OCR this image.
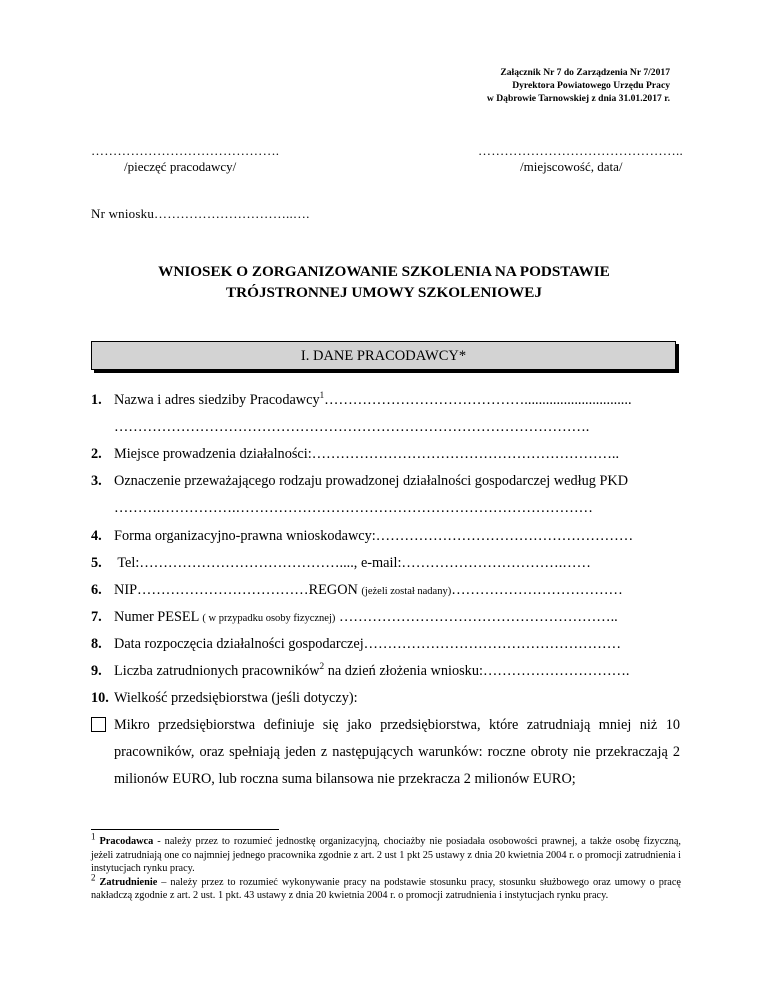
Załącznik Nr 7 do Zarządzenia Nr 7/2017
Dyrektora Powiatowego Urzędu Pracy
w Dąbrowie Tarnowskiej z dnia 31.01.2017 r.
…………………………………….
/pieczęć pracodawcy/
………………………………………..
/miejscowość, data/
Nr wniosku…………………………..….
WNIOSEK O ZORGANIZOWANIE SZKOLENIA NA PODSTAWIE
TRÓJSTRONNEJ UMOWY SZKOLENIOWEJ
I. DANE PRACODAWCY*
1. Nazwa i adres siedziby Pracodawcy$^1$……………………………………..............................
……………………………………………………………………………………….
2. Miejsce prowadzenia działalności:………………………………………………………..
3. Oznaczenie przeważającego rodzaju prowadzonej działalności gospodarczej według PKD
……….…………….…………………………………………………………………
4. Forma organizacyjno-prawna wnioskodawcy:………………………………………………
5. Tel:……………………………………...., e-mail:…………………………….……
6. NIP………………………………REGON (jeżeli został nadany)………………………………
7. Numer PESEL ( w przypadku osoby fizycznej) …………………………………………………..
8. Data rozpoczęcia działalności gospodarczej………………………………………………
9. Liczba zatrudnionych pracowników$^2$ na dzień złożenia wniosku:………………………….
10. Wielkość przedsiębiorstwa (jeśli dotyczy):
Mikro przedsiębiorstwa definiuje się jako przedsiębiorstwa, które zatrudniają mniej niż 10 pracowników, oraz spełniają jeden z następujących warunków: roczne obroty nie przekraczają 2 milionów EURO, lub roczna suma bilansowa nie przekracza 2 milionów EURO;

$^1$ Pracodawca - należy przez to rozumieć jednostkę organizacyjną, chociażby nie posiadała osobowości prawnej, a także osobę fizyczną, jeżeli zatrudniają one co najmniej jednego pracownika zgodnie z art. 2 ust 1 pkt 25 ustawy z dnia 20 kwietnia 2004 r. o promocji zatrudnienia i instytucjach rynku pracy.

$^2$ Zatrudnienie – należy przez to rozumieć wykonywanie pracy na podstawie stosunku pracy, stosunku służbowego oraz umowy o pracę nakładczą zgodnie z art. 2 ust. 1 pkt. 43 ustawy z dnia 20 kwietnia 2004 r. o promocji zatrudnienia i instytucjach rynku pracy.
